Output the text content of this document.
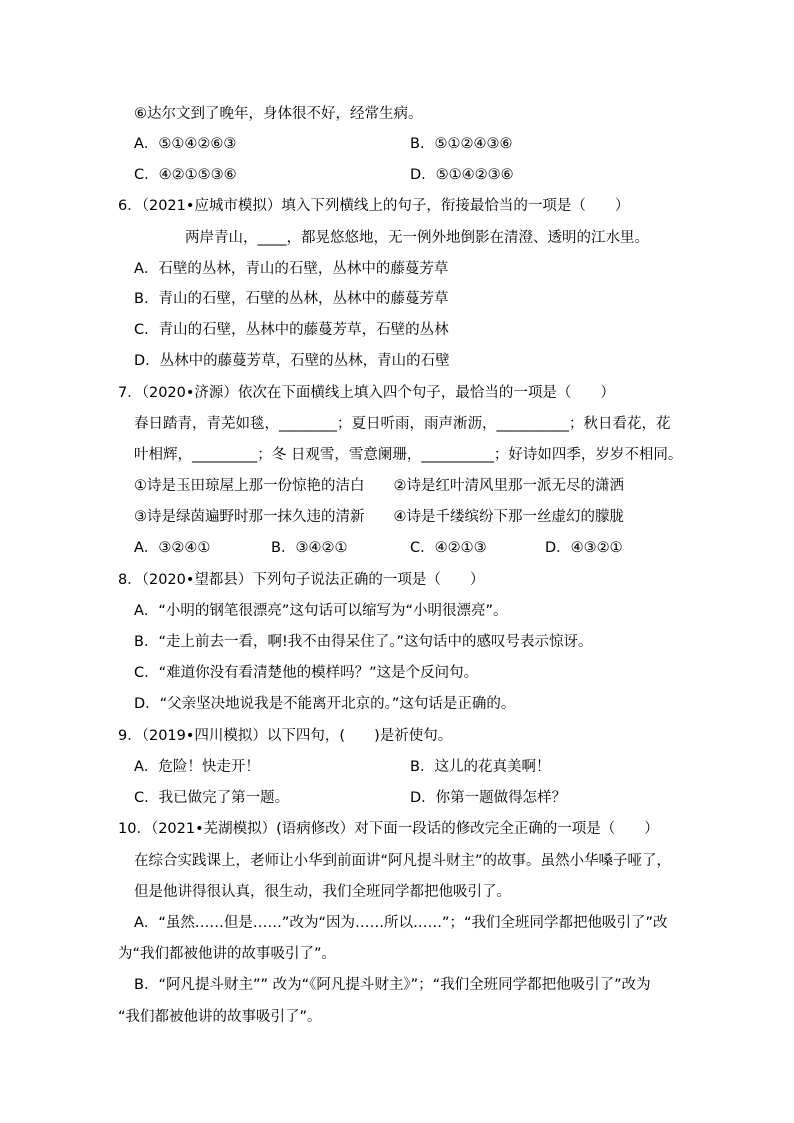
⑥达尔文到了晚年，身体很不好，经常生病。
A．⑤①④②⑥③	B．⑤①②④③⑥
C．④②①⑤③⑥	D．⑤①④②③⑥
6．（2021•应城市模拟）填入下列横线上的句子，衔接最恰当的一项是（　　）
两岸青山，____，都晃悠悠地，无一例外地倒影在清澄、透明的江水里。
A．石壁的丛林，青山的石壁，丛林中的藤蔓芳草
B．青山的石壁，石壁的丛林，丛林中的藤蔓芳草
C．青山的石壁，丛林中的藤蔓芳草，石壁的丛林
D．丛林中的藤蔓芳草，石壁的丛林，青山的石壁
7．（2020•济源）依次在下面横线上填入四个句子，最恰当的一项是（　　）
春日踏青，青芜如毯，________；夏日听雨，雨声淅沥，__________；秋日看花，花
叶相辉，_________；冬 日观雪，雪意阑珊，__________；好诗如四季，岁岁不相同。
①诗是玉田琼屋上那一份惊艳的洁白　　②诗是红叶清风里那一派无尽的潇洒
③诗是绿茵遍野时那一抹久违的清新　　④诗是千缕缤纷下那一丝虚幻的朦胧
A．③②④①	B．③④②①	C．④②①③	D．④③②①
8．（2020•望都县）下列句子说法正确的一项是（　　）
A．“小明的钢笔很漂亮”这句话可以缩写为“小明很漂亮”。
B．“走上前去一看，啊!我不由得呆住了。”这句话中的感叹号表示惊讶。
C．“难道你没有看清楚他的模样吗？”这是个反问句。
D．“父亲坚决地说我是不能离开北京的。”这句话是正确的。
9．（2019•四川模拟）以下四句，(　　)是祈使句。
A．危险！快走开！	B．这儿的花真美啊！
C．我已做完了第一题。	D．你第一题做得怎样？
10．（2021•芜湖模拟）(语病修改）对下面一段话的修改完全正确的一项是（　　）
在综合实践课上，老师让小华到前面讲“阿凡提斗财主”的故事。虽然小华嗓子哑了，
但是他讲得很认真，很生动，我们全班同学都把他吸引了。
A．“虽然……但是……”改为“因为……所以……”；“我们全班同学都把他吸引了”改
为“我们都被他讲的故事吸引了”。
B．“阿凡提斗财主”” 改为“《阿凡提斗财主》”；“我们全班同学都把他吸引了”改为
“我们都被他讲的故事吸引了”。
